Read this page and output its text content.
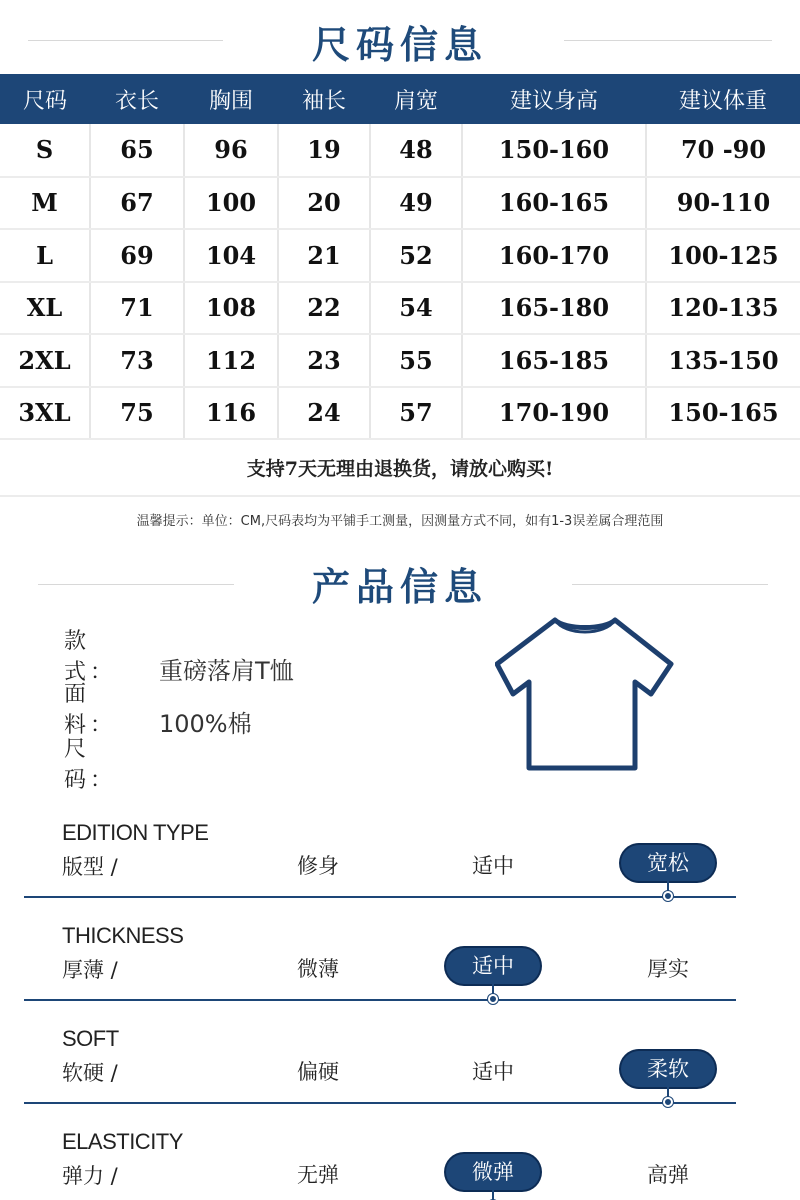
尺码信息
尺码	衣长	胸围	袖长	肩宽	建议身高	建议体重
S	65	96	19	48	150-160	70 -90
M	67	100	20	49	160-165	90-110
L	69	104	21	52	160-170	100-125
XL	71	108	22	54	165-180	120-135
2XL	73	112	23	55	165-185	135-150
3XL	75	116	24	57	170-190	150-165
支持7天无理由退换货，请放心购买!
温馨提示：单位：CM,尺码表均为平铺手工测量，因测量方式不同，如有1-3误差属合理范围
产品信息
款 式： 重磅落肩T恤
面 料： 100%棉
尺 码：
EDITION TYPE
版型 /	修身	适中	宽松
THICKNESS
厚薄 /	微薄	适中	厚实
SOFT
软硬 /	偏硬	适中	柔软
ELASTICITY
弹力 /	无弹	微弹	高弹
